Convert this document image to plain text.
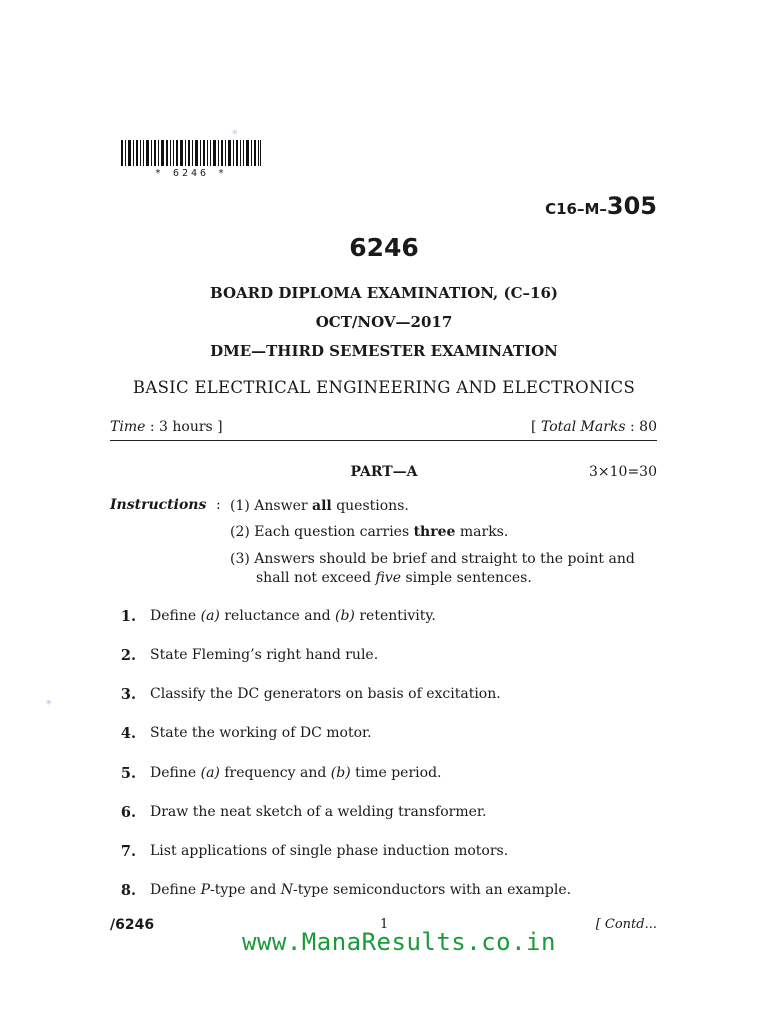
* 6246 *
*
*
C16–M–305
6246
BOARD DIPLOMA EXAMINATION, (C–16)
OCT/NOV—2017
DME—THIRD SEMESTER EXAMINATION
BASIC ELECTRICAL ENGINEERING AND ELECTRONICS
Time : 3 hours ]	[ Total Marks : 80
PART—A	3×10=30
Instructions : (1) Answer all questions.
(2) Each question carries three marks.
(3) Answers should be brief and straight to the point and
shall not exceed five simple sentences.
1. Define (a) reluctance and (b) retentivity.
2. State Fleming’s right hand rule.
3. Classify the DC generators on basis of excitation.
4. State the working of DC motor.
5. Define (a) frequency and (b) time period.
6. Draw the neat sketch of a welding transformer.
7. List applications of single phase induction motors.
8. Define P-type and N-type semiconductors with an example.
/6246	1	[ Contd...
www.ManaResults.co.in
